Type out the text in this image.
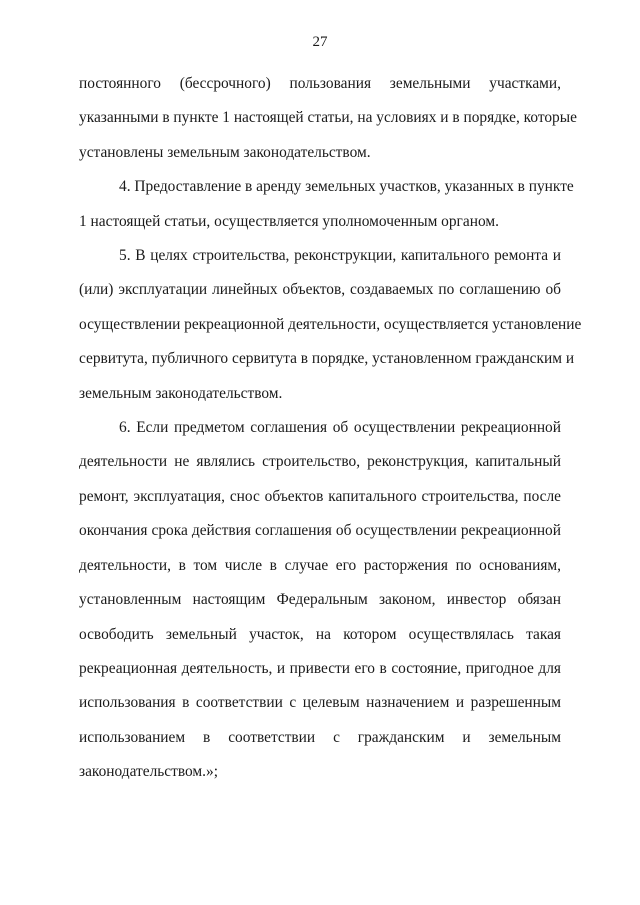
27
постоянного (бессрочного) пользования земельными участками,
указанными в пункте 1 настоящей статьи, на условиях и в порядке, которые
установлены земельным законодательством.
4. Предоставление в аренду земельных участков, указанных в пункте
1 настоящей статьи, осуществляется уполномоченным органом.
5. В целях строительства, реконструкции, капитального ремонта и
(или) эксплуатации линейных объектов, создаваемых по соглашению об
осуществлении рекреационной деятельности, осуществляется установление
сервитута, публичного сервитута в порядке, установленном гражданским и
земельным законодательством.
6. Если предметом соглашения об осуществлении рекреационной
деятельности не являлись строительство, реконструкция, капитальный
ремонт, эксплуатация, снос объектов капитального строительства, после
окончания срока действия соглашения об осуществлении рекреационной
деятельности, в том числе в случае его расторжения по основаниям,
установленным настоящим Федеральным законом, инвестор обязан
освободить земельный участок, на котором осуществлялась такая
рекреационная деятельность, и привести его в состояние, пригодное для
использования в соответствии с целевым назначением и разрешенным
использованием в соответствии с гражданским и земельным
законодательством.»;
